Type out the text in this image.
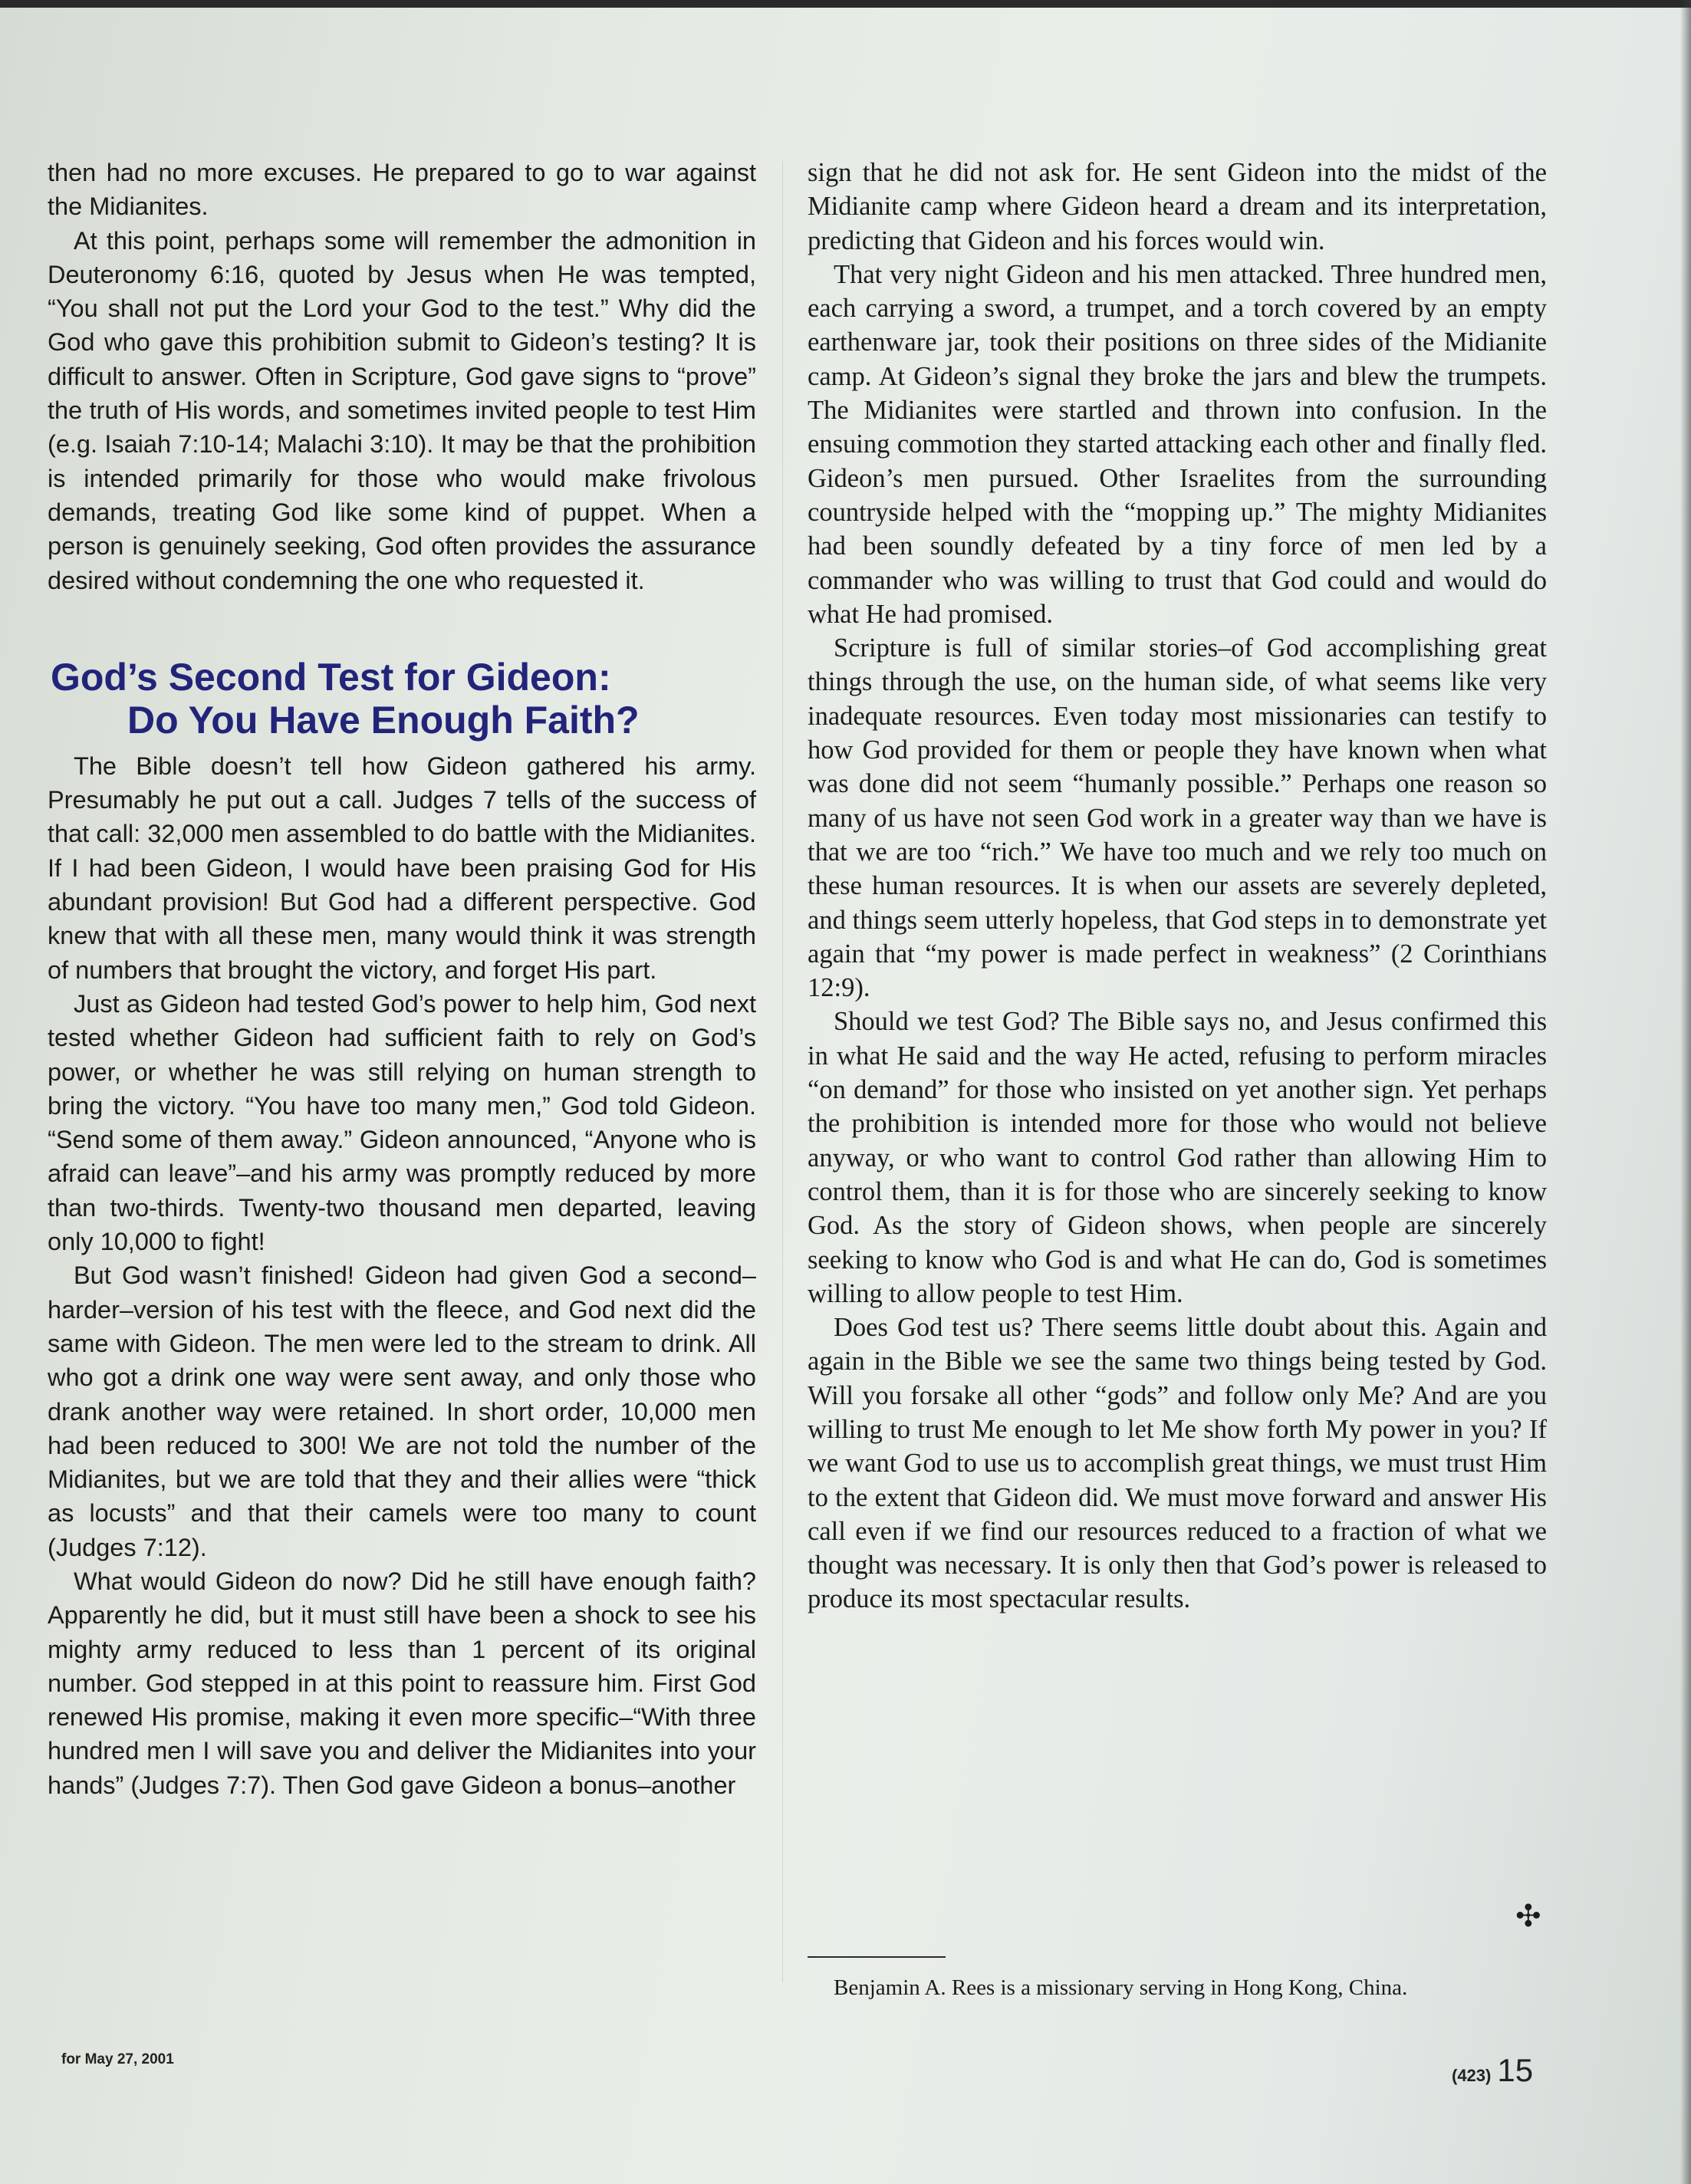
then had no more excuses. He prepared to go to war against the Midianites.

At this point, perhaps some will remember the admonition in Deuteronomy 6:16, quoted by Jesus when He was tempted, “You shall not put the Lord your God to the test.” Why did the God who gave this prohibition submit to Gideon’s testing? It is difficult to answer. Often in Scripture, God gave signs to “prove” the truth of His words, and sometimes invited people to test Him (e.g. Isaiah 7:10-14; Malachi 3:10). It may be that the prohibition is intended primarily for those who would make frivolous demands, treating God like some kind of puppet. When a person is genuinely seeking, God often provides the assurance desired without condemning the one who requested it.

God’s Second Test for Gideon:
Do You Have Enough Faith?

The Bible doesn’t tell how Gideon gathered his army. Presumably he put out a call. Judges 7 tells of the success of that call: 32,000 men assembled to do battle with the Midianites. If I had been Gideon, I would have been praising God for His abundant provision! But God had a different perspective. God knew that with all these men, many would think it was strength of numbers that brought the victory, and forget His part.

Just as Gideon had tested God’s power to help him, God next tested whether Gideon had sufficient faith to rely on God’s power, or whether he was still relying on human strength to bring the victory. “You have too many men,” God told Gideon. “Send some of them away.” Gideon announced, “Anyone who is afraid can leave”–and his army was promptly reduced by more than two-thirds. Twenty-two thousand men departed, leaving only 10,000 to fight!

But God wasn’t finished! Gideon had given God a second–harder–version of his test with the fleece, and God next did the same with Gideon. The men were led to the stream to drink. All who got a drink one way were sent away, and only those who drank another way were retained. In short order, 10,000 men had been reduced to 300! We are not told the number of the Midianites, but we are told that they and their allies were “thick as locusts” and that their camels were too many to count (Judges 7:12).

What would Gideon do now? Did he still have enough faith? Apparently he did, but it must still have been a shock to see his mighty army reduced to less than 1 percent of its original number. God stepped in at this point to reassure him. First God renewed His promise, making it even more specific–“With three hundred men I will save you and deliver the Midianites into your hands” (Judges 7:7). Then God gave Gideon a bonus–another

sign that he did not ask for. He sent Gideon into the midst of the Midianite camp where Gideon heard a dream and its interpretation, predicting that Gideon and his forces would win.

That very night Gideon and his men attacked. Three hundred men, each carrying a sword, a trumpet, and a torch covered by an empty earthenware jar, took their positions on three sides of the Midianite camp. At Gideon’s signal they broke the jars and blew the trumpets. The Midianites were startled and thrown into confusion. In the ensuing commotion they started attacking each other and finally fled. Gideon’s men pursued. Other Israelites from the surrounding countryside helped with the “mopping up.” The mighty Midianites had been soundly defeated by a tiny force of men led by a commander who was willing to trust that God could and would do what He had promised.

Scripture is full of similar stories–of God accomplishing great things through the use, on the human side, of what seems like very inadequate resources. Even today most missionaries can testify to how God provided for them or people they have known when what was done did not seem “humanly possible.” Perhaps one reason so many of us have not seen God work in a greater way than we have is that we are too “rich.” We have too much and we rely too much on these human resources. It is when our assets are severely depleted, and things seem utterly hopeless, that God steps in to demonstrate yet again that “my power is made perfect in weakness” (2 Corinthians 12:9).

Should we test God? The Bible says no, and Jesus confirmed this in what He said and the way He acted, refusing to perform miracles “on demand” for those who insisted on yet another sign. Yet perhaps the prohibition is intended more for those who would not believe anyway, or who want to control God rather than allowing Him to control them, than it is for those who are sincerely seeking to know God. As the story of Gideon shows, when people are sincerely seeking to know who God is and what He can do, God is sometimes willing to allow people to test Him.

Does God test us? There seems little doubt about this. Again and again in the Bible we see the same two things being tested by God. Will you forsake all other “gods” and follow only Me? And are you willing to trust Me enough to let Me show forth My power in you? If we want God to use us to accomplish great things, we must trust Him to the extent that Gideon did. We must move forward and answer His call even if we find our resources reduced to a fraction of what we thought was necessary. It is only then that God’s power is released to produce its most spectacular results.

✣
Benjamin A. Rees is a missionary serving in Hong Kong, China.
for May 27, 2001
(423) 15
